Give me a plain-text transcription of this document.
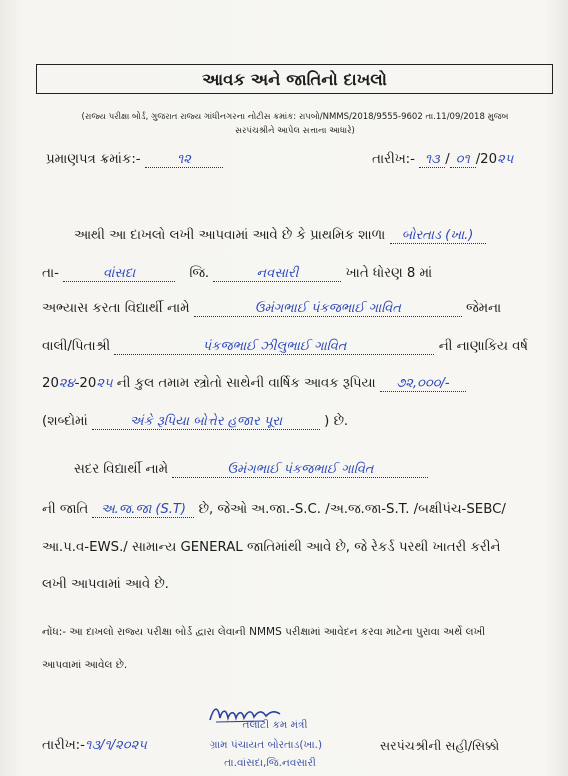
આવક અને જાતિનો દાખલો
(રાજ્ય પરીક્ષા બોર્ડ, ગુજરાત રાજ્ય ગાંધીનગરના નોટીસ ક્રમાંક: રાપબો/NMMS/2018/9555-9602 તા.11/09/2018 મુજબ
સરપંચશ્રીને આપેલ સત્તાના આધારે)
પ્રમાણપત્ર ક્રમાંક:-	૧૨	તારીખ:- ૧૩ / ૦૧ /20૨૫
આથી આ દાખલો લખી આપવામાં આવે છે કે પ્રાથમિક શાળા બોરતાડ (ખા.)
તા-	વાંસદા	જિ.	નવસારી	ખાતે ધોરણ 8 માં
અભ્યાસ કરતા વિદ્યાર્થી નામે	ઉમંગભાઈ પંકજભાઈ ગાવિત	જેમના
વાલી/પિતાશ્રી	પંકજભાઈ ઝીલુભાઈ ગાવિત	ની નાણાકિય વર્ષ
20૨૪-20૨૫ ની કુલ તમામ સ્ત્રોતો સાથેની વાર્ષિક આવક રૂપિયા ૭૨,૦૦૦/-
(શબ્દોમાં	અંકે રૂપિયા બોત્તેર હજાર પૂરા	) છે.
સદર વિદ્યાર્થી નામે	ઉમંગભાઈ પંકજભાઈ ગાવિત
ની જાતિ અ.જ.જા (S.T) છે, જેઓ અ.જા.-S.C. /અ.જ.જા-S.T. /બક્ષીપંચ-SEBC/
આ.પ.વ-EWS./ સામાન્ય GENERAL જાતિમાંથી આવે છે, જે રેકર્ડ પરથી ખાતરી કરીને
લખી આપવામાં આવે છે.
નોંધ:- આ દાખલો રાજ્ય પરીક્ષા બોર્ડ દ્વારા લેવાની NMMS પરીક્ષામાં આવેદન કરવા માટેના પુરાવા અર્થે લખી
આપવામાં આવેલ છે.
તારીખ:-૧૩/૧/૨૦૨૫
તલાટી કમ મંત્રી
ગ્રામ પંચાયત બોરતાડ(ખા.)
તા.વાંસદા,જિ.નવસારી
સરપંચશ્રીની સહી/સિક્કો
